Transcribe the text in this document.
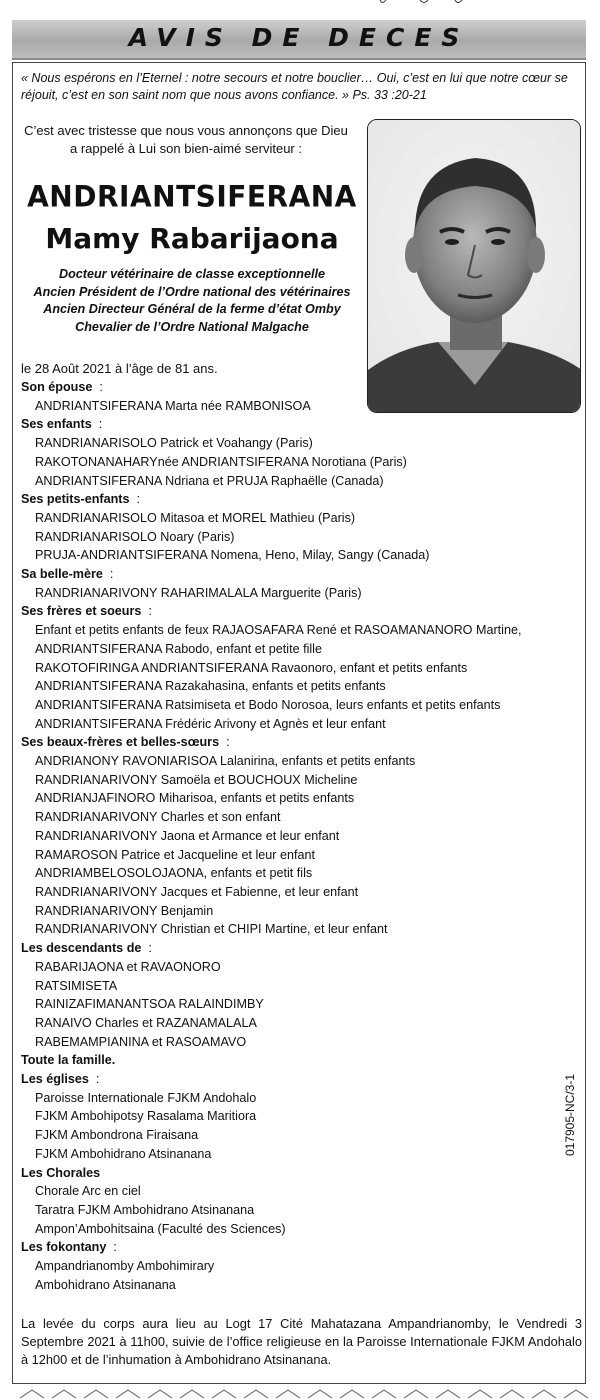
AVIS DE DECES
« Nous espérons en l’Eternel : notre secours et notre bouclier… Oui, c’est en lui que notre cœur se réjouit, c’est en son saint nom que nous avons confiance. » Ps. 33 :20-21
C’est avec tristesse que nous vous annonçons que Dieu a rappelé à Lui son bien-aimé serviteur :
ANDRIANTSIFERANA
Mamy Rabarijaona
Docteur vétérinaire de classe exceptionnelle
Ancien Président de l’Ordre national des vétérinaires
Ancien Directeur Général de la ferme d’état Omby
Chevalier de l’Ordre National Malgache
le 28 Août 2021 à l’âge de 81 ans.
Son épouse  :
ANDRIANTSIFERANA Marta née RAMBONISOA
Ses enfants  :
RANDRIANARISOLO Patrick et Voahangy (Paris)
RAKOTONANAHARYnée ANDRIANTSIFERANA Norotiana (Paris)
ANDRIANTSIFERANA Ndriana et PRUJA Raphaëlle (Canada)
Ses petits-enfants  :
RANDRIANARISOLO Mitasoa et MOREL Mathieu (Paris)
RANDRIANARISOLO Noary (Paris)
PRUJA-ANDRIANTSIFERANA Nomena, Heno, Milay, Sangy (Canada)
Sa belle-mère  :
RANDRIANARIVONY RAHARIMALALA Marguerite (Paris)
Ses frères et soeurs  :
Enfant et petits enfants de feux RAJAOSAFARA René et RASOAMANANORO Martine,
ANDRIANTSIFERANA Rabodo, enfant et petite fille
RAKOTOFIRINGA ANDRIANTSIFERANA Ravaonoro, enfant et petits enfants
ANDRIANTSIFERANA Razakahasina, enfants et petits enfants
ANDRIANTSIFERANA Ratsimiseta et Bodo Norosoa, leurs enfants et petits enfants
ANDRIANTSIFERANA Frédéric Arivony et Agnès et leur enfant
Ses beaux-frères et belles-sœurs  :
ANDRIANONY RAVONIARISOA Lalanirina, enfants et petits enfants
RANDRIANARIVONY Samoëla et BOUCHOUX Micheline
ANDRIANJAFINORO Miharisoa, enfants et petits enfants
RANDRIANARIVONY Charles et son enfant
RANDRIANARIVONY Jaona et Armance et leur enfant
RAMAROSON Patrice et Jacqueline et leur enfant
ANDRIAMBELOSOLOJAONA, enfants et petit fils
RANDRIANARIVONY Jacques et Fabienne, et leur enfant
RANDRIANARIVONY Benjamin
RANDRIANARIVONY Christian et CHIPI Martine, et leur enfant
Les descendants de  :
RABARIJAONA et RAVAONORO
RATSIMISETA
RAINIZAFIMANANTSOA RALAINDIMBY
RANAIVO Charles et RAZANAMALALA
RABEMAMPIANINA et RASOAMAVO
Toute la famille.
Les églises  :
Paroisse Internationale FJKM Andohalo
FJKM Ambohipotsy Rasalama Maritiora
FJKM Ambondrona Firaisana
FJKM Ambohidrano Atsinanana
Les Chorales
Chorale Arc en ciel
Taratra FJKM Ambohidrano Atsinanana
Ampon’Ambohitsaina (Faculté des Sciences)
Les fokontany  :
Ampandrianomby Ambohimirary
Ambohidrano Atsinanana
La levée du corps aura lieu au Logt 17 Cité Mahatazana Ampandrianomby, le Vendredi 3 Septembre 2021 à 11h00, suivie de l’office religieuse en la Paroisse Internationale FJKM Andohalo à 12h00 et de l’inhumation à Ambohidrano Atsinanana.
017905-NC/3-1
